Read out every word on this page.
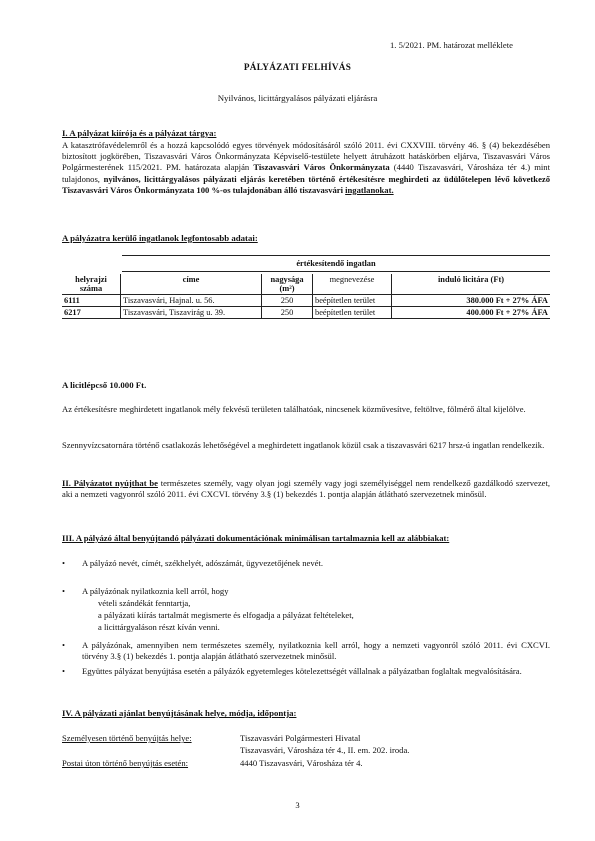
1. 5/2021. PM. határozat melléklete
PÁLYÁZATI FELHÍVÁS
Nyilvános, licittárgyalásos pályázati eljárásra
I. A pályázat kiírója és a pályázat tárgya:

A katasztrófavédelemről és a hozzá kapcsolódó egyes törvények módosításáról szóló 2011. évi CXXVIII. törvény 46. § (4) bekezdésében biztosított jogkörében, Tiszavasvári Város Önkormányzata Képviselő-testülete helyett átruházott hatáskörben eljárva, Tiszavasvári Város Polgármesterének 115/2021. PM. határozata alapján Tiszavasvári Város Önkormányzata (4440 Tiszavasvári, Városháza tér 4.) mint tulajdonos, nyilvános, licittárgyalásos pályázati eljárás keretében történő értékesítésre meghirdeti az üdülőtelepen lévő következő Tiszavasvári Város Önkormányzata 100 %-os tulajdonában álló tiszavasvári ingatlanokat.

A pályázatra kerülő ingatlanok legfontosabb adatai:
értékesítendő ingatlan
helyrajzi száma	címe	nagysága (m²)	megnevezése	induló licitára (Ft)
6111	Tiszavasvári, Hajnal. u. 56.	250	beépítetlen terület	380.000 Ft + 27% ÁFA
6217	Tiszavasvári, Tiszavirág u. 39.	250	beépítetlen terület	400.000 Ft + 27% ÁFA
A licitlépcső 10.000 Ft.

Az értékesítésre meghirdetett ingatlanok mély fekvésű területen találhatóak, nincsenek közművesítve, feltöltve, fölmérő által kijelölve.

Szennyvízcsatornára történő csatlakozás lehetőségével a meghirdetett ingatlanok közül csak a tiszavasvári 6217 hrsz-ú ingatlan rendelkezik.

II. Pályázatot nyújthat be természetes személy, vagy olyan jogi személy vagy jogi személyiséggel nem rendelkező gazdálkodó szervezet, aki a nemzeti vagyonról szóló 2011. évi CXCVI. törvény 3.§ (1) bekezdés 1. pontja alapján átlátható szervezetnek minősül.

III. A pályázó által benyújtandó pályázati dokumentációnak minimálisan tartalmaznia kell az alábbiakat:

• A pályázó nevét, címét, székhelyét, adószámát, ügyvezetőjének nevét.
• A pályázónak nyilatkoznia kell arról, hogy
vételi szándékát fenntartja,
a pályázati kiírás tartalmát megismerte és elfogadja a pályázat feltételeket,
a licittárgyaláson részt kíván venni.
• A pályázónak, amennyiben nem természetes személy, nyilatkoznia kell arról, hogy a nemzeti vagyonról szóló 2011. évi CXCVI. törvény 3.§ (1) bekezdés 1. pontja alapján átlátható szervezetnek minősül.

• Együttes pályázat benyújtása esetén a pályázók egyetemleges kötelezettségét vállalnak a pályázatban foglaltak megvalósítására.

IV. A pályázati ajánlat benyújtásának helye, módja, időpontja:
Személyesen történő benyújtás helye:	Tiszavasvári Polgármesteri Hivatal
Tiszavasvári, Városháza tér 4., II. em. 202. iroda.
Postai úton történő benyújtás esetén:	4440 Tiszavasvári, Városháza tér 4.
3
